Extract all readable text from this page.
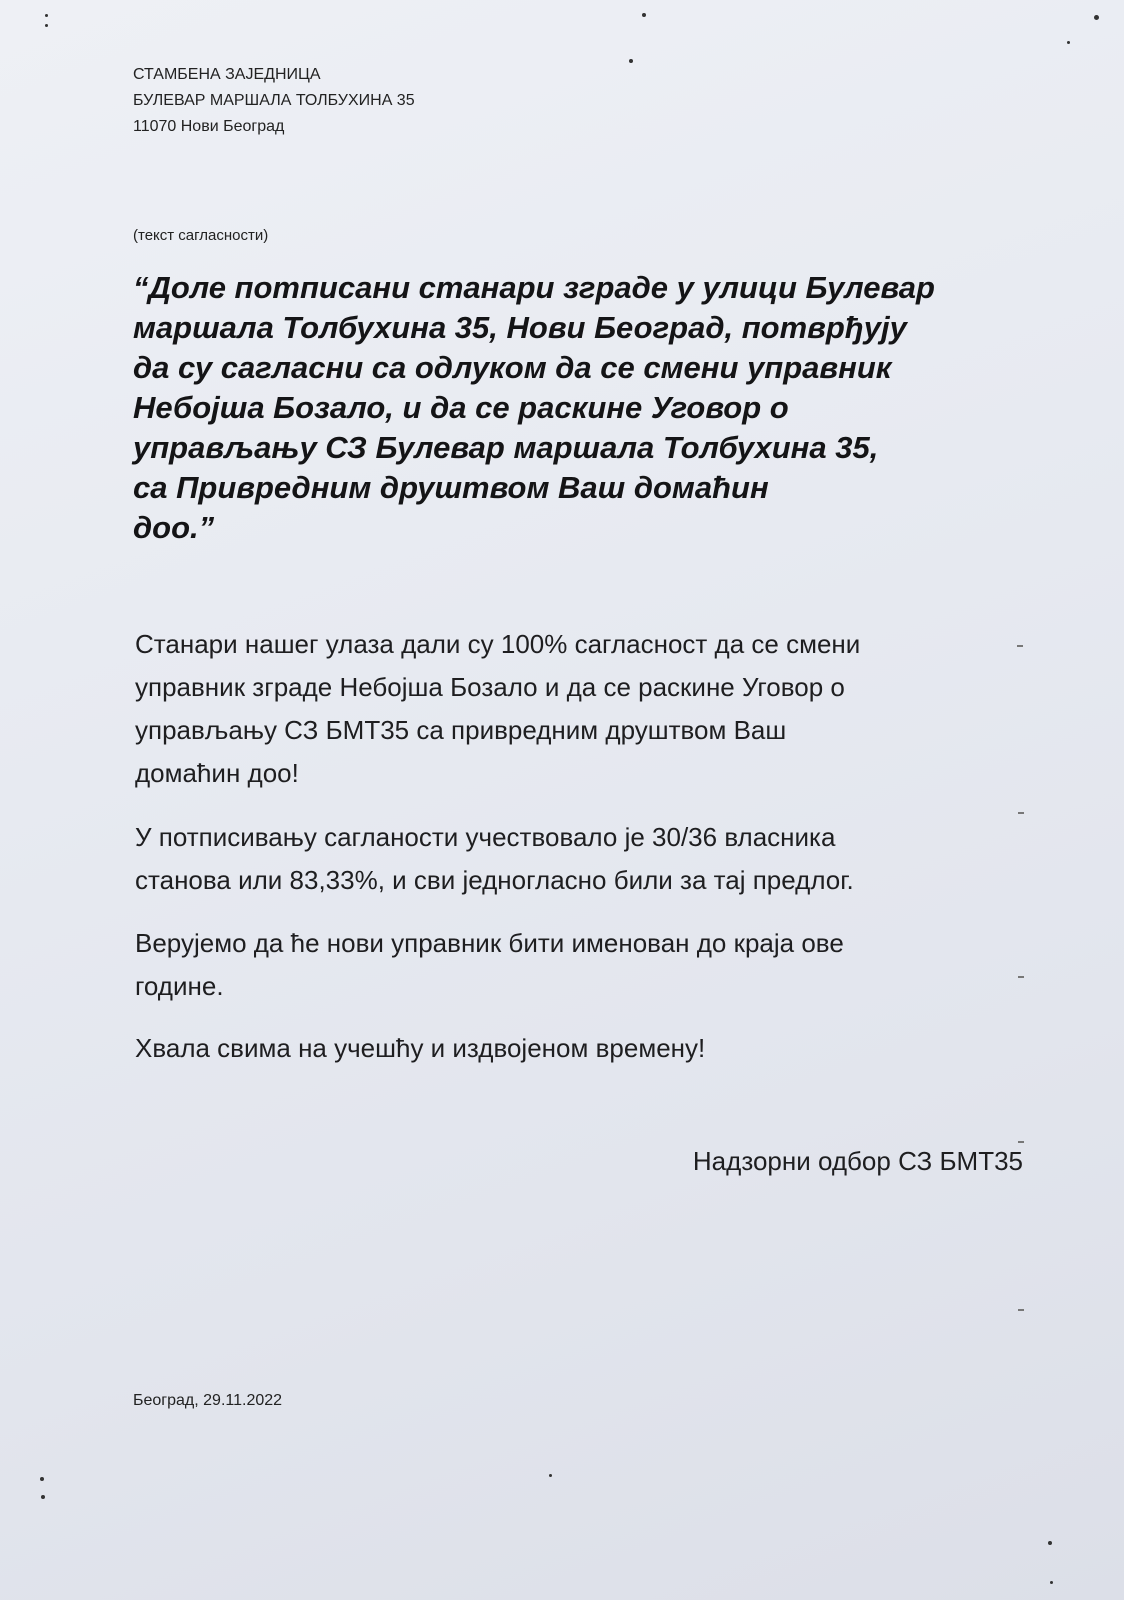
СТАМБЕНА ЗАЈЕДНИЦА
БУЛЕВАР МАРШАЛА ТОЛБУХИНА 35
11070 Нови Београд
(текст сагласности)
“Доле потписани станари зграде у улици Булевар
маршала Толбухина 35, Нови Београд, потврђују
да су сагласни са одлуком да се смени управник
Небојша Бозало, и да се раскине Уговор о
управљању СЗ Булевар маршала Толбухина 35,
са Привредним друштвом Ваш домаћин
доо.”
Станари нашег улаза дали су 100% сагласност да се смени
управник зграде Небојша Бозало и да се раскине Уговор о
управљању СЗ БМТ35 са привредним друштвом Ваш
домаћин доо!
У потписивању сагланости учествовало је 30/36 власника
станова или 83,33%, и сви једногласно били за тај предлог.
Верујемо да ће нови управник бити именован до краја ове
године.
Хвала свима на учешћу и издвојеном времену!
Надзорни одбор СЗ БМТ35
Београд, 29.11.2022
